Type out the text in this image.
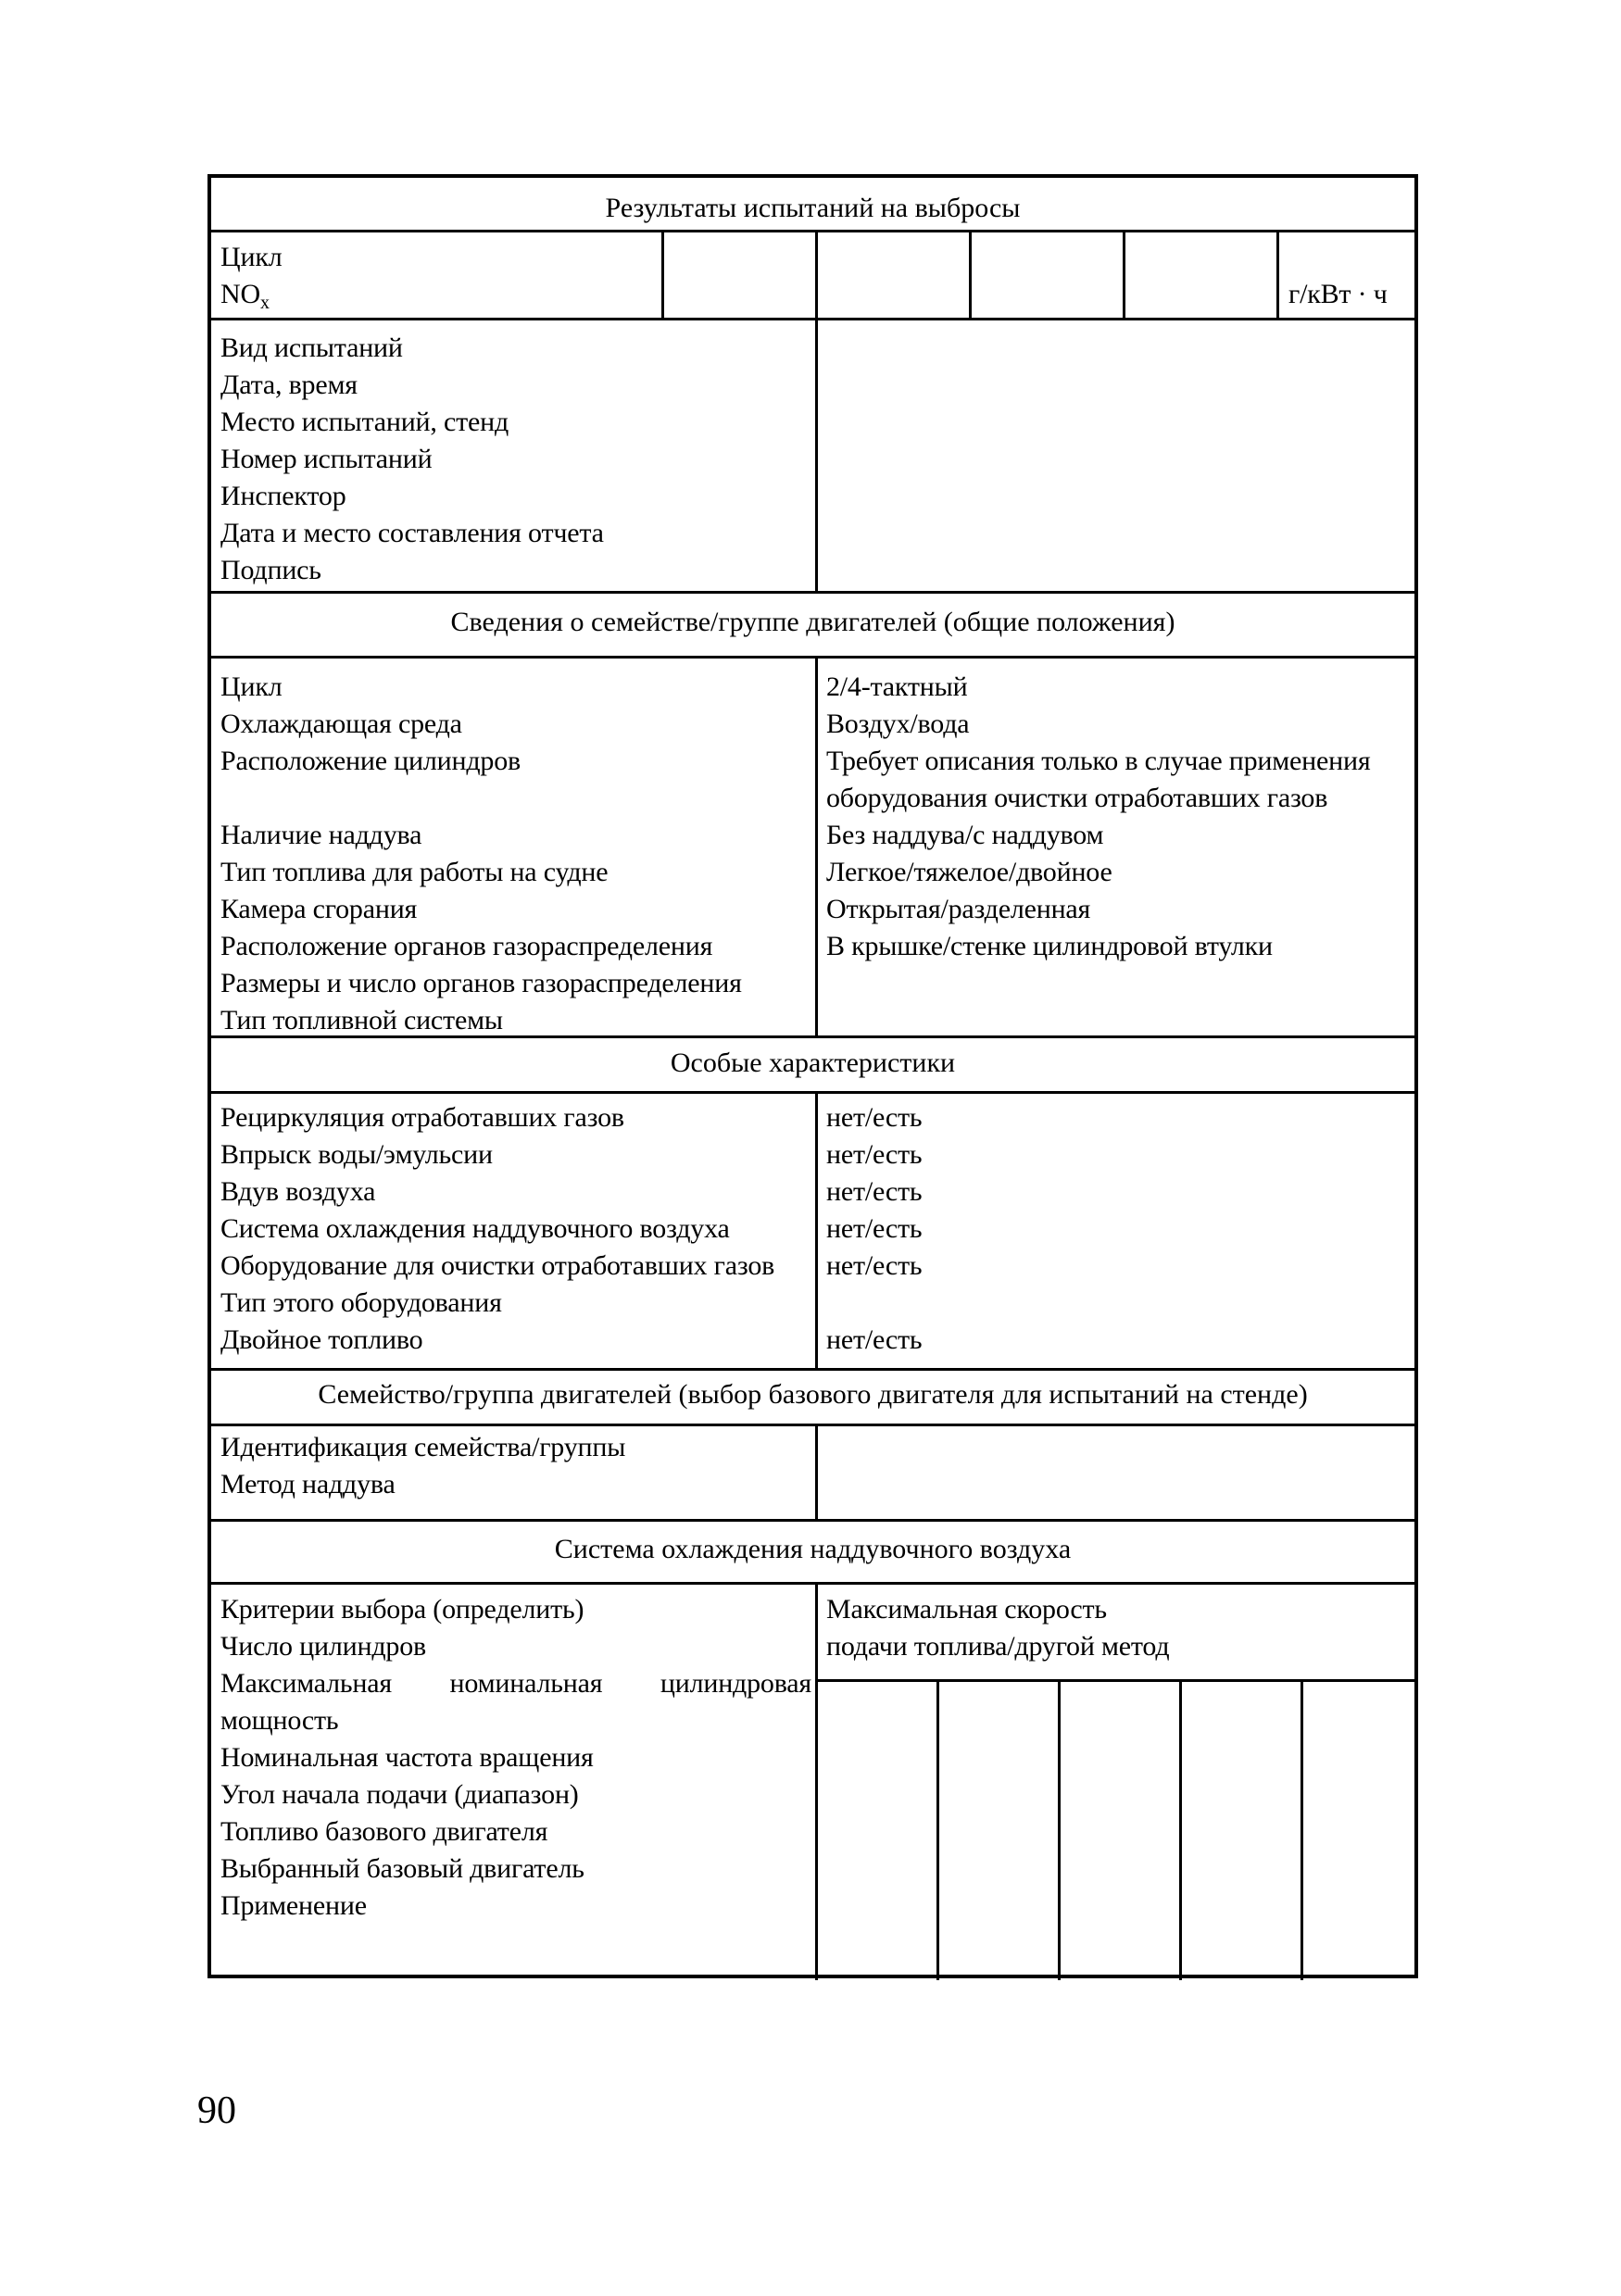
Результаты испытаний на выбросы
Цикл
$NO_x$	г/кВт · ч
Вид испытаний
Дата, время
Место испытаний, стенд
Номер испытаний
Инспектор
Дата и место составления отчета
Подпись
Сведения о семействе/группе двигателей (общие положения)
Цикл
Охлаждающая среда
Расположение цилиндров
Наличие наддува
Тип топлива для работы на судне
Камера сгорания
Расположение органов газораспределения
Размеры и число органов газораспределения
Тип топливной системы
2/4-тактный
Воздух/вода
Требует описания только в случае применения
оборудования очистки отработавших газов
Без наддува/с наддувом
Легкое/тяжелое/двойное
Открытая/разделенная
В крышке/стенке цилиндровой втулки
Особые характеристики
Рециркуляция отработавших газов
Впрыск воды/эмульсии
Вдув воздуха
Система охлаждения наддувочного воздуха
Оборудование для очистки отработавших газов
Тип этого оборудования
Двойное топливо
нет/есть
нет/есть
нет/есть
нет/есть
нет/есть
нет/есть
Семейство/группа двигателей (выбор базового двигателя для испытаний на стенде)
Идентификация семейства/группы
Метод наддува
Система охлаждения наддувочного воздуха
Критерии выбора (определить)
Число цилиндров
Максимальная номинальная цилиндровая
мощность
Номинальная частота вращения
Угол начала подачи (диапазон)
Топливо базового двигателя
Выбранный базовый двигатель
Применение
Максимальная скорость
подачи топлива/другой метод
90
